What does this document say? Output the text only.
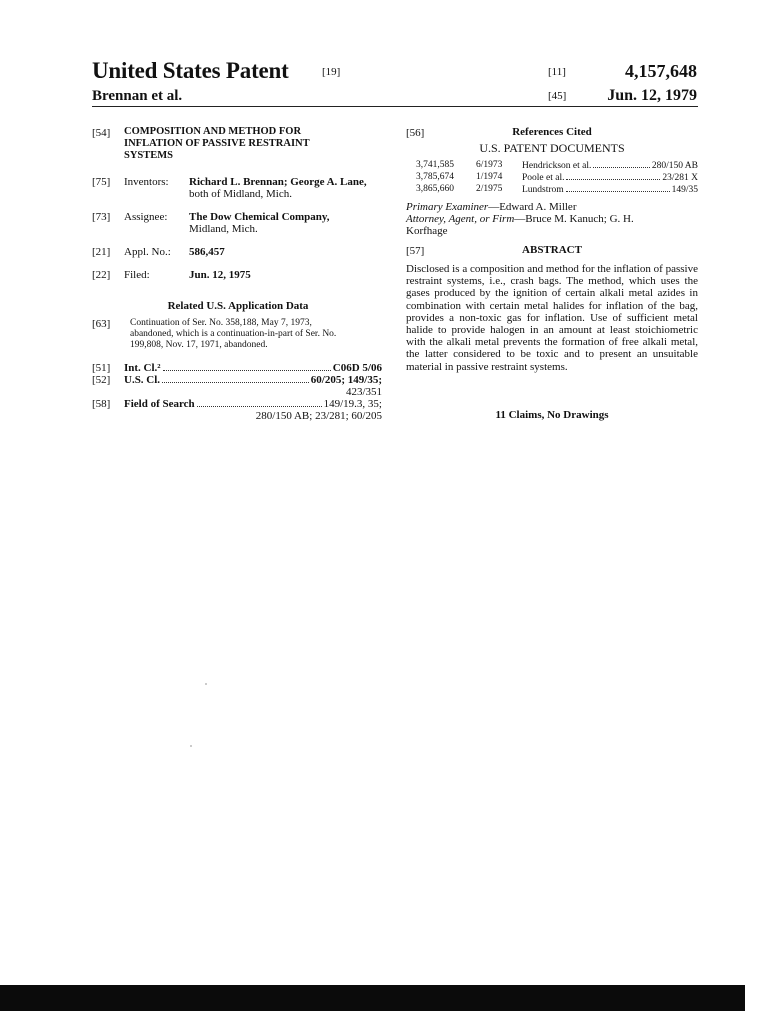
United States Patent	[19]
Brennan et al.
[11]	4,157,648
[45]	Jun. 12, 1979
[54] COMPOSITION AND METHOD FOR
INFLATION OF PASSIVE RESTRAINT
SYSTEMS
[75] Inventors: Richard L. Brennan; George A. Lane,
both of Midland, Mich.
[73] Assignee: The Dow Chemical Company,
Midland, Mich.
[21] Appl. No.: 586,457
[22] Filed:	Jun. 12, 1975
Related U.S. Application Data
[63] Continuation of Ser. No. 358,188, May 7, 1973,
abandoned, which is a continuation-in-part of Ser. No.
199,808, Nov. 17, 1971, abandoned.
[51] Int. Cl.²	C06D 5/06
[52] U.S. Cl.	60/205; 149/35;
423/351
[58] Field of Search	149/19.3, 35;
280/150 AB; 23/281; 60/205
[56]	References Cited
U.S. PATENT DOCUMENTS
3,741,585	6/1973	Hendrickson et al.	280/150 AB
3,785,674	1/1974	Poole et al.	23/281 X
3,865,660	2/1975	Lundstrom	149/35
Primary Examiner—Edward A. Miller
Attorney, Agent, or Firm—Bruce M. Kanuch; G. H.
Korfhage
[57]	ABSTRACT
Disclosed is a composition and method for the inflation of passive restraint systems, i.e., crash bags. The method, which uses the gases produced by the ignition of certain alkali metal azides in combination with certain metal halides for inflation of the bag, provides a non-toxic gas for inflation. Use of sufficient metal halide to provide halogen in an amount at least stoichiometric with the alkali metal prevents the formation of free alkali metal, the latter considered to be toxic and to present an unsuitable material in passive restraint systems.
11 Claims, No Drawings
